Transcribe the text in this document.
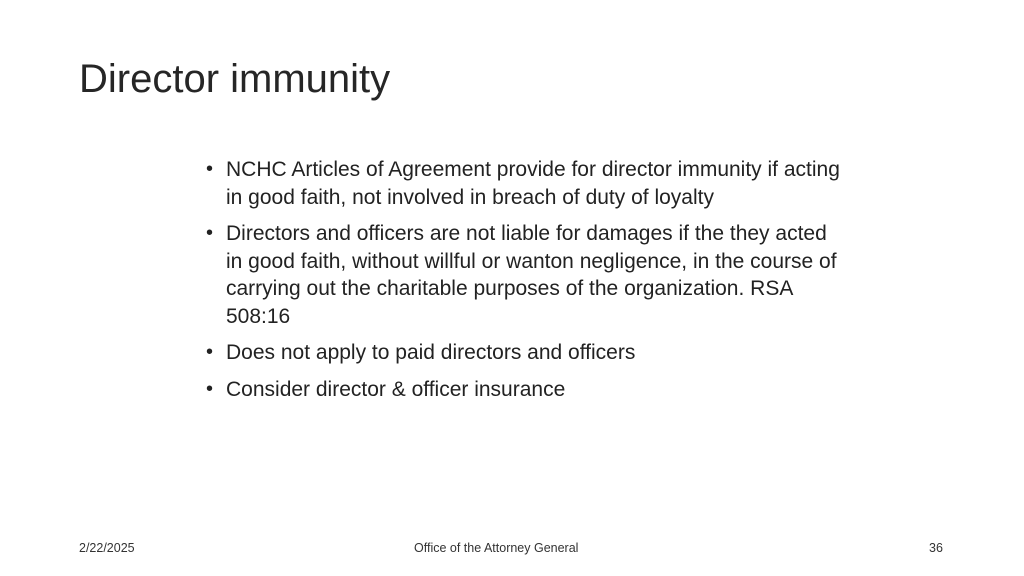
Director immunity
• NCHC Articles of Agreement provide for director immunity if acting in good faith, not involved in breach of duty of loyalty
• Directors and officers are not liable for damages if the they acted in good faith, without willful or wanton negligence, in the course of carrying out the charitable purposes of the organization. RSA 508:16
• Does not apply to paid directors and officers
• Consider director & officer insurance
2/22/2025	Office of the Attorney General	36
